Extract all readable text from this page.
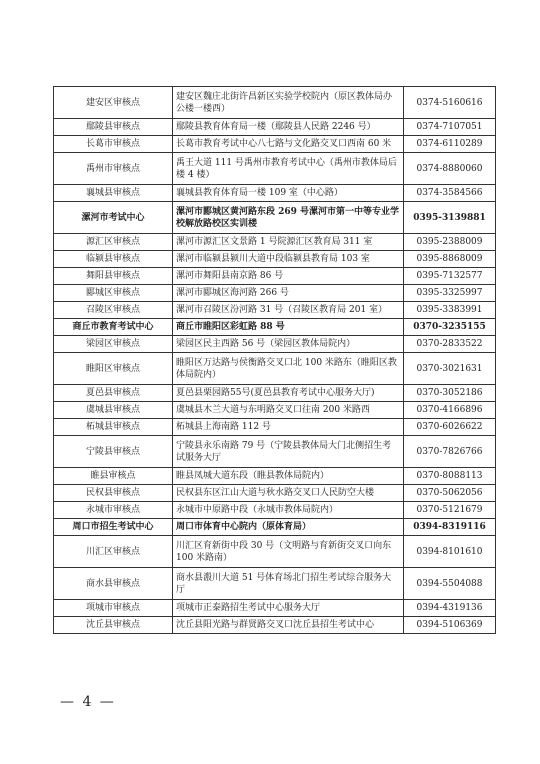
建安区审核点	建安区魏庄北街许昌新区实验学校院内（原区教体局办公楼一楼西）	0374-5160616
鄢陵县审核点	鄢陵县教育体育局一楼（鄢陵县人民路 2246 号）	0374-7107051
长葛市审核点	长葛市教育考试中心八七路与文化路交叉口西南 60 米	0374-6110289
禹州市审核点	禹王大道 111 号禹州市教育考试中心（禹州市教体局后楼 4 楼）	0374-8880060
襄城县审核点	襄城县教育体育局一楼 109 室（中心路）	0374-3584566
漯河市考试中心	漯河市郾城区黄河路东段 269 号漯河市第一中等专业学校解放路校区实训楼	0395-3139881
源汇区审核点	漯河市源汇区文景路 1 号院源汇区教育局 311 室	0395-2388009
临颍县审核点	漯河市临颍县颍川大道中段临颍县教育局 103 室	0395-8868009
舞阳县审核点	漯河市舞阳县南京路 86 号	0395-7132577
郾城区审核点	漯河市郾城区海河路 266 号	0395-3325997
召陵区审核点	漯河市召陵区汾河路 31 号（召陵区教育局 201 室）	0395-3383991
商丘市教育考试中心	商丘市睢阳区彩虹路 88 号	0370-3235155
梁园区审核点	梁园区民主西路 56 号（梁园区教体局院内）	0370-2833522
睢阳区审核点	睢阳区万达路与侯衡路交叉口北 100 米路东（睢阳区教体局院内）	0370-3021631
夏邑县审核点	夏邑县栗园路55号(夏邑县教育考试中心服务大厅)	0370-3052186
虞城县审核点	虞城县木兰大道与东明路交叉口往南 200 米路西	0370-4166896
柘城县审核点	柘城县上海南路 112 号	0370-6026622
宁陵县审核点	宁陵县永乐南路 79 号（宁陵县教体局大门北侧招生考试服务大厅	0370-7826766
睢县审核点	睢县凤城大道东段（睢县教体局院内）	0370-8088113
民权县审核点	民权县东区江山大道与秋水路交叉口人民防空大楼	0370-5062056
永城市审核点	永城市中原路中段（永城市教体局院内）	0370-5121679
周口市招生考试中心	周口市体育中心院内（原体育局）	0394-8319116
川汇区审核点	川汇区育新街中段 30 号（文明路与育新街交叉口向东 100 米路南）	0394-8101610
商水县审核点	商水县溵川大道 51 号体育场北门招生考试综合服务大厅	0394-5504088
项城市审核点	项城市正泰路招生考试中心服务大厅	0394-4319136
沈丘县审核点	沈丘县阳光路与群贤路交叉口沈丘县招生考试中心	0394-5106369
— 4 —
